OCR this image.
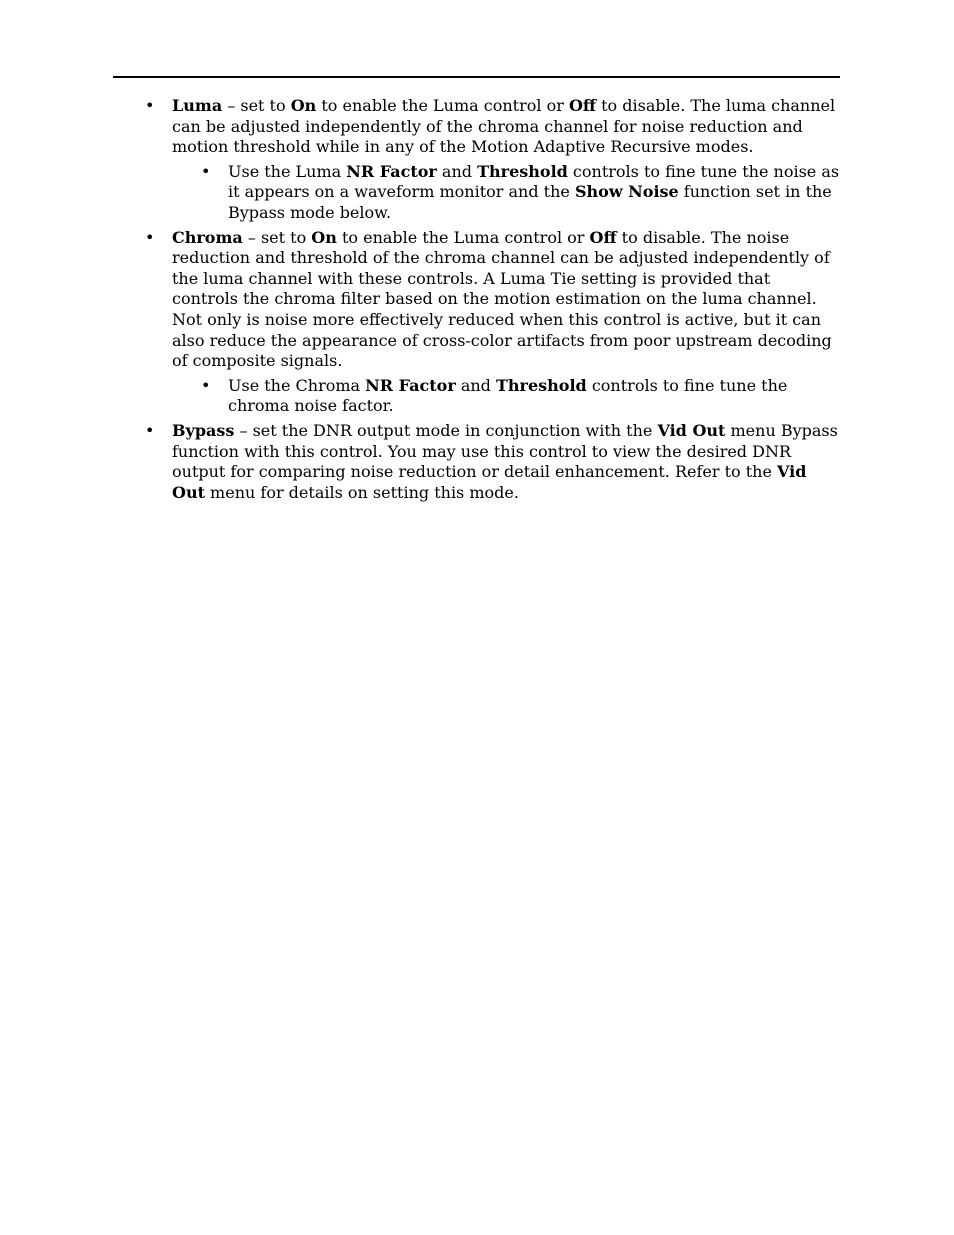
• Luma – set to On to enable the Luma control or Off to disable. The luma channel can be adjusted independently of the chroma channel for noise reduction and motion threshold while in any of the Motion Adaptive Recursive modes.
• Use the Luma NR Factor and Threshold controls to fine tune the noise as it appears on a waveform monitor and the Show Noise function set in the Bypass mode below.
• Chroma – set to On to enable the Luma control or Off to disable. The noise reduction and threshold of the chroma channel can be adjusted independently of the luma channel with these controls. A Luma Tie setting is provided that controls the chroma filter based on the motion estimation on the luma channel. Not only is noise more effectively reduced when this control is active, but it can also reduce the appearance of cross-color artifacts from poor upstream decoding of composite signals.
• Use the Chroma NR Factor and Threshold controls to fine tune the chroma noise factor.
• Bypass – set the DNR output mode in conjunction with the Vid Out menu Bypass function with this control. You may use this control to view the desired DNR output for comparing noise reduction or detail enhancement. Refer to the Vid Out menu for details on setting this mode.
